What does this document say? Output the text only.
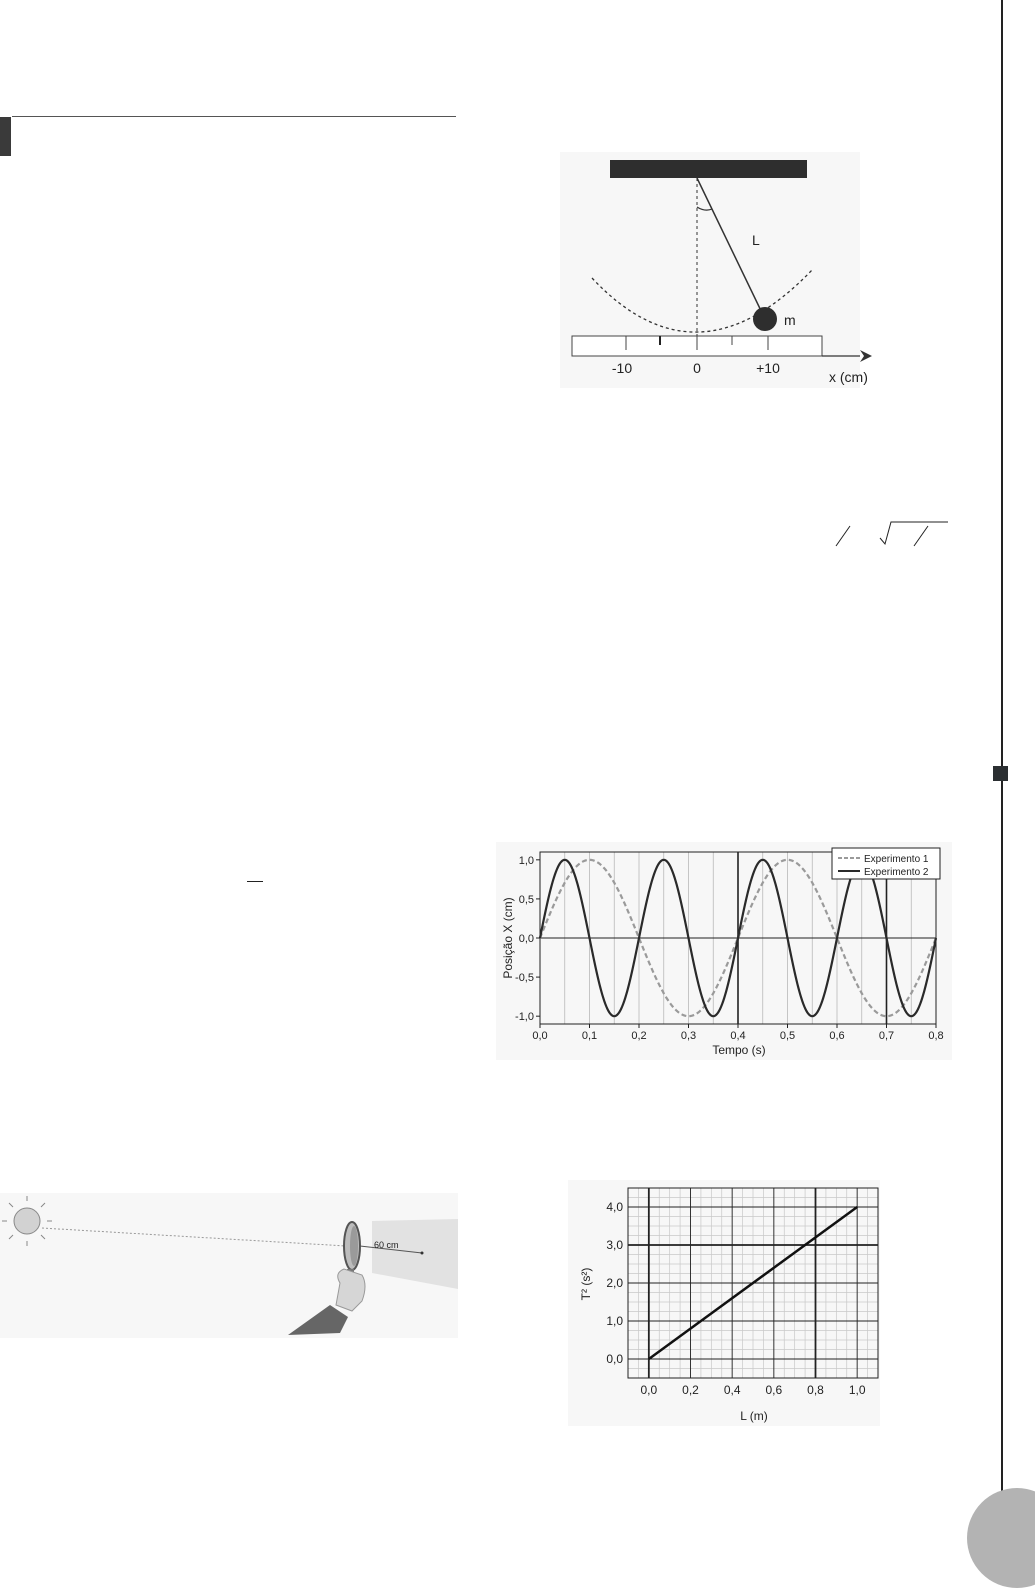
L
m
-10	0	+10
x (cm)
0,0	0,1	0,2	0,3	0,4	0,5	0,6	0,7	0,8
1,0
0,5
0,0
-0,5
-1,0
Tempo (s)
Posição X (cm)
Experimento 1
Experimento 2
60 cm
0,0 0,2 0,4 0,6 0,8 1,0
0,0
1,0
2,0
3,0
4,0
L (m)
T² (s²)
